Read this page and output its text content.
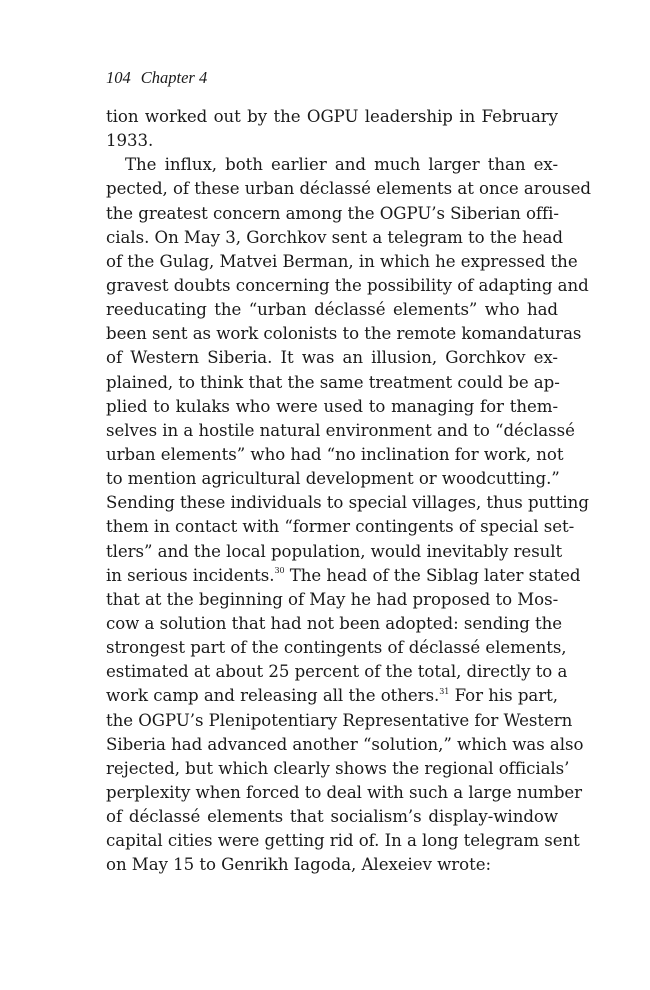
104 Chapter 4
tion worked out by the OGPU leadership in February
1933.
The influx, both earlier and much larger than ex-
pected, of these urban déclassé elements at once aroused
the greatest concern among the OGPU’s Siberian offi-
cials. On May 3, Gorchkov sent a telegram to the head
of the Gulag, Matvei Berman, in which he expressed the
gravest doubts concerning the possibility of adapting and
reeducating the “urban déclassé elements” who had
been sent as work colonists to the remote komandaturas
of Western Siberia. It was an illusion, Gorchkov ex-
plained, to think that the same treatment could be ap-
plied to kulaks who were used to managing for them-
selves in a hostile natural environment and to “déclassé
urban elements” who had “no inclination for work, not
to mention agricultural development or woodcutting.”
Sending these individuals to special villages, thus putting
them in contact with “former contingents of special set-
tlers” and the local population, would inevitably result
in serious incidents.$^{30}$ The head of the Siblag later stated
that at the beginning of May he had proposed to Mos-
cow a solution that had not been adopted: sending the
strongest part of the contingents of déclassé elements,
estimated at about 25 percent of the total, directly to a
work camp and releasing all the others.$^{31}$ For his part,
the OGPU’s Plenipotentiary Representative for Western
Siberia had advanced another “solution,” which was also
rejected, but which clearly shows the regional officials’
perplexity when forced to deal with such a large number
of déclassé elements that socialism’s display-window
capital cities were getting rid of. In a long telegram sent
on May 15 to Genrikh Iagoda, Alexeiev wrote:
